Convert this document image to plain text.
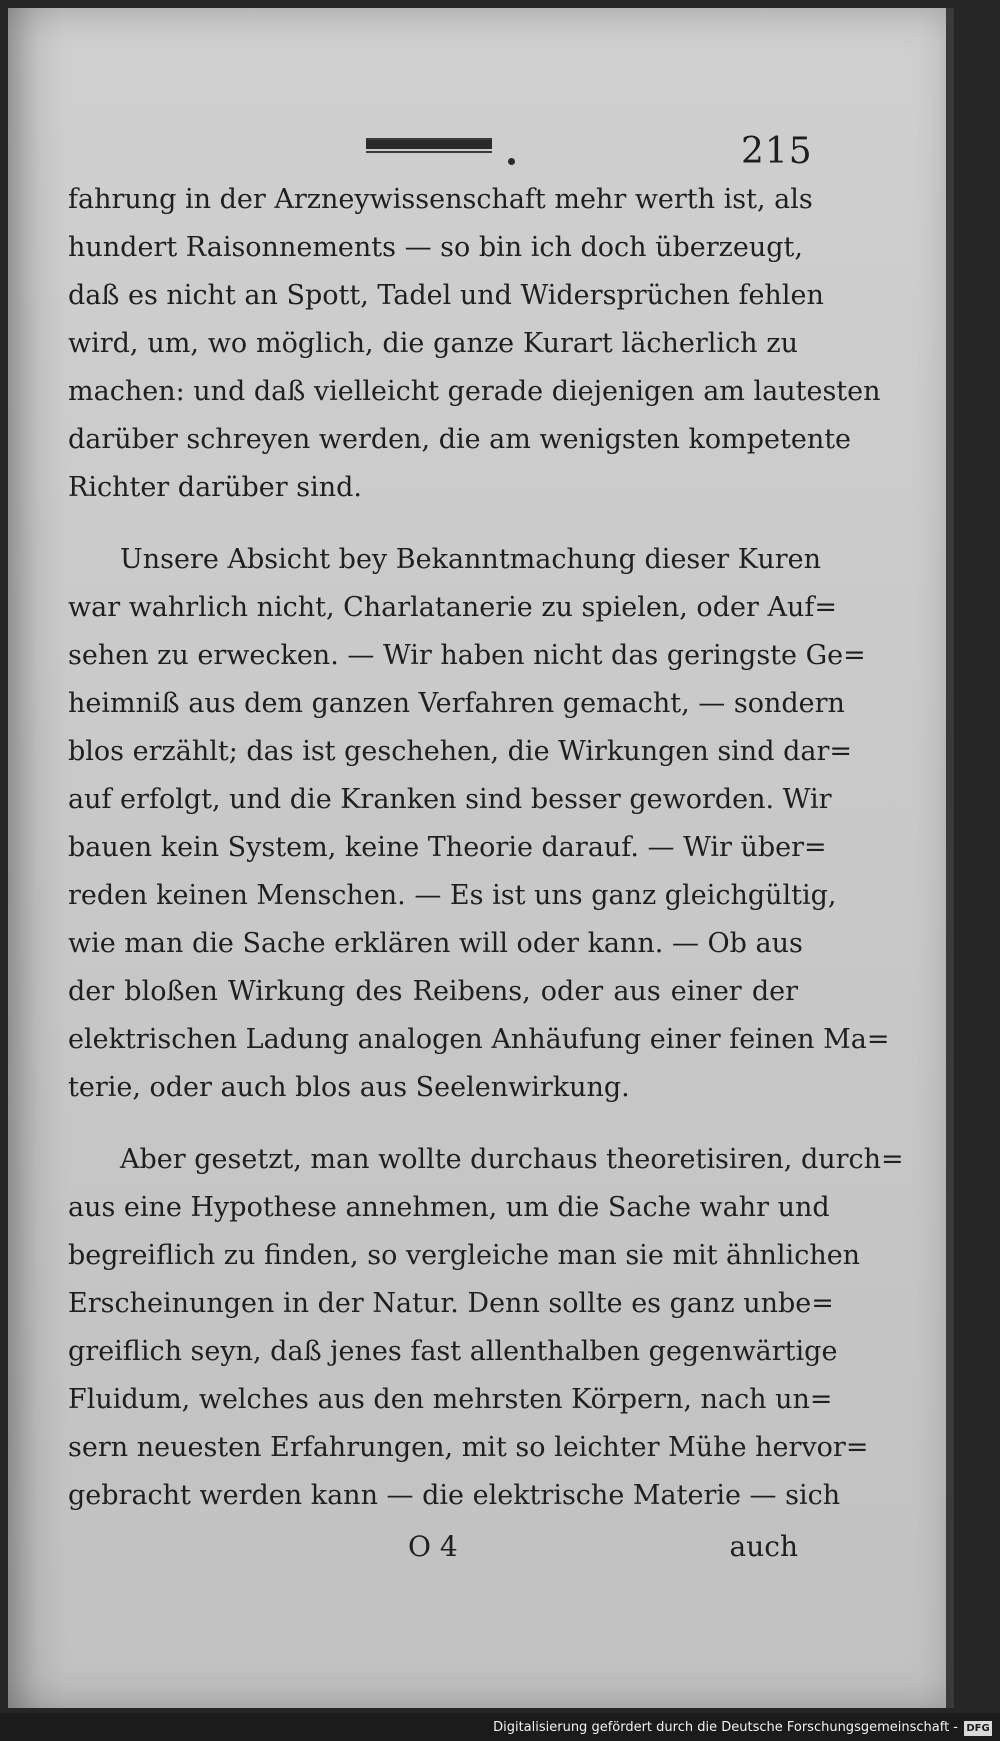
215
fahrung in der Arzneywissenschaft mehr werth ist, als
hundert Raisonnements — so bin ich doch überzeugt,
daß es nicht an Spott, Tadel und Widersprüchen fehlen
wird, um, wo möglich, die ganze Kurart lächerlich zu
machen: und daß vielleicht gerade diejenigen am lautesten
darüber schreyen werden, die am wenigsten kompetente
Richter darüber sind.
Unsere Absicht bey Bekanntmachung dieser Kuren
war wahrlich nicht, Charlatanerie zu spielen, oder Auf=
sehen zu erwecken. — Wir haben nicht das geringste Ge=
heimniß aus dem ganzen Verfahren gemacht, — sondern
blos erzählt; das ist geschehen, die Wirkungen sind dar=
auf erfolgt, und die Kranken sind besser geworden. Wir
bauen kein System, keine Theorie darauf. — Wir über=
reden keinen Menschen. — Es ist uns ganz gleichgültig,
wie man die Sache erklären will oder kann. — Ob aus
der bloßen Wirkung des Reibens, oder aus einer der
elektrischen Ladung analogen Anhäufung einer feinen Ma=
terie, oder auch blos aus Seelenwirkung.
Aber gesetzt, man wollte durchaus theoretisiren, durch=
aus eine Hypothese annehmen, um die Sache wahr und
begreiflich zu finden, so vergleiche man sie mit ähnlichen
Erscheinungen in der Natur. Denn sollte es ganz unbe=
greiflich seyn, daß jenes fast allenthalben gegenwärtige
Fluidum, welches aus den mehrsten Körpern, nach un=
sern neuesten Erfahrungen, mit so leichter Mühe hervor=
gebracht werden kann — die elektrische Materie — sich
O 4	auch
Digitalisierung gefördert durch die Deutsche Forschungsgemeinschaft - DFG
